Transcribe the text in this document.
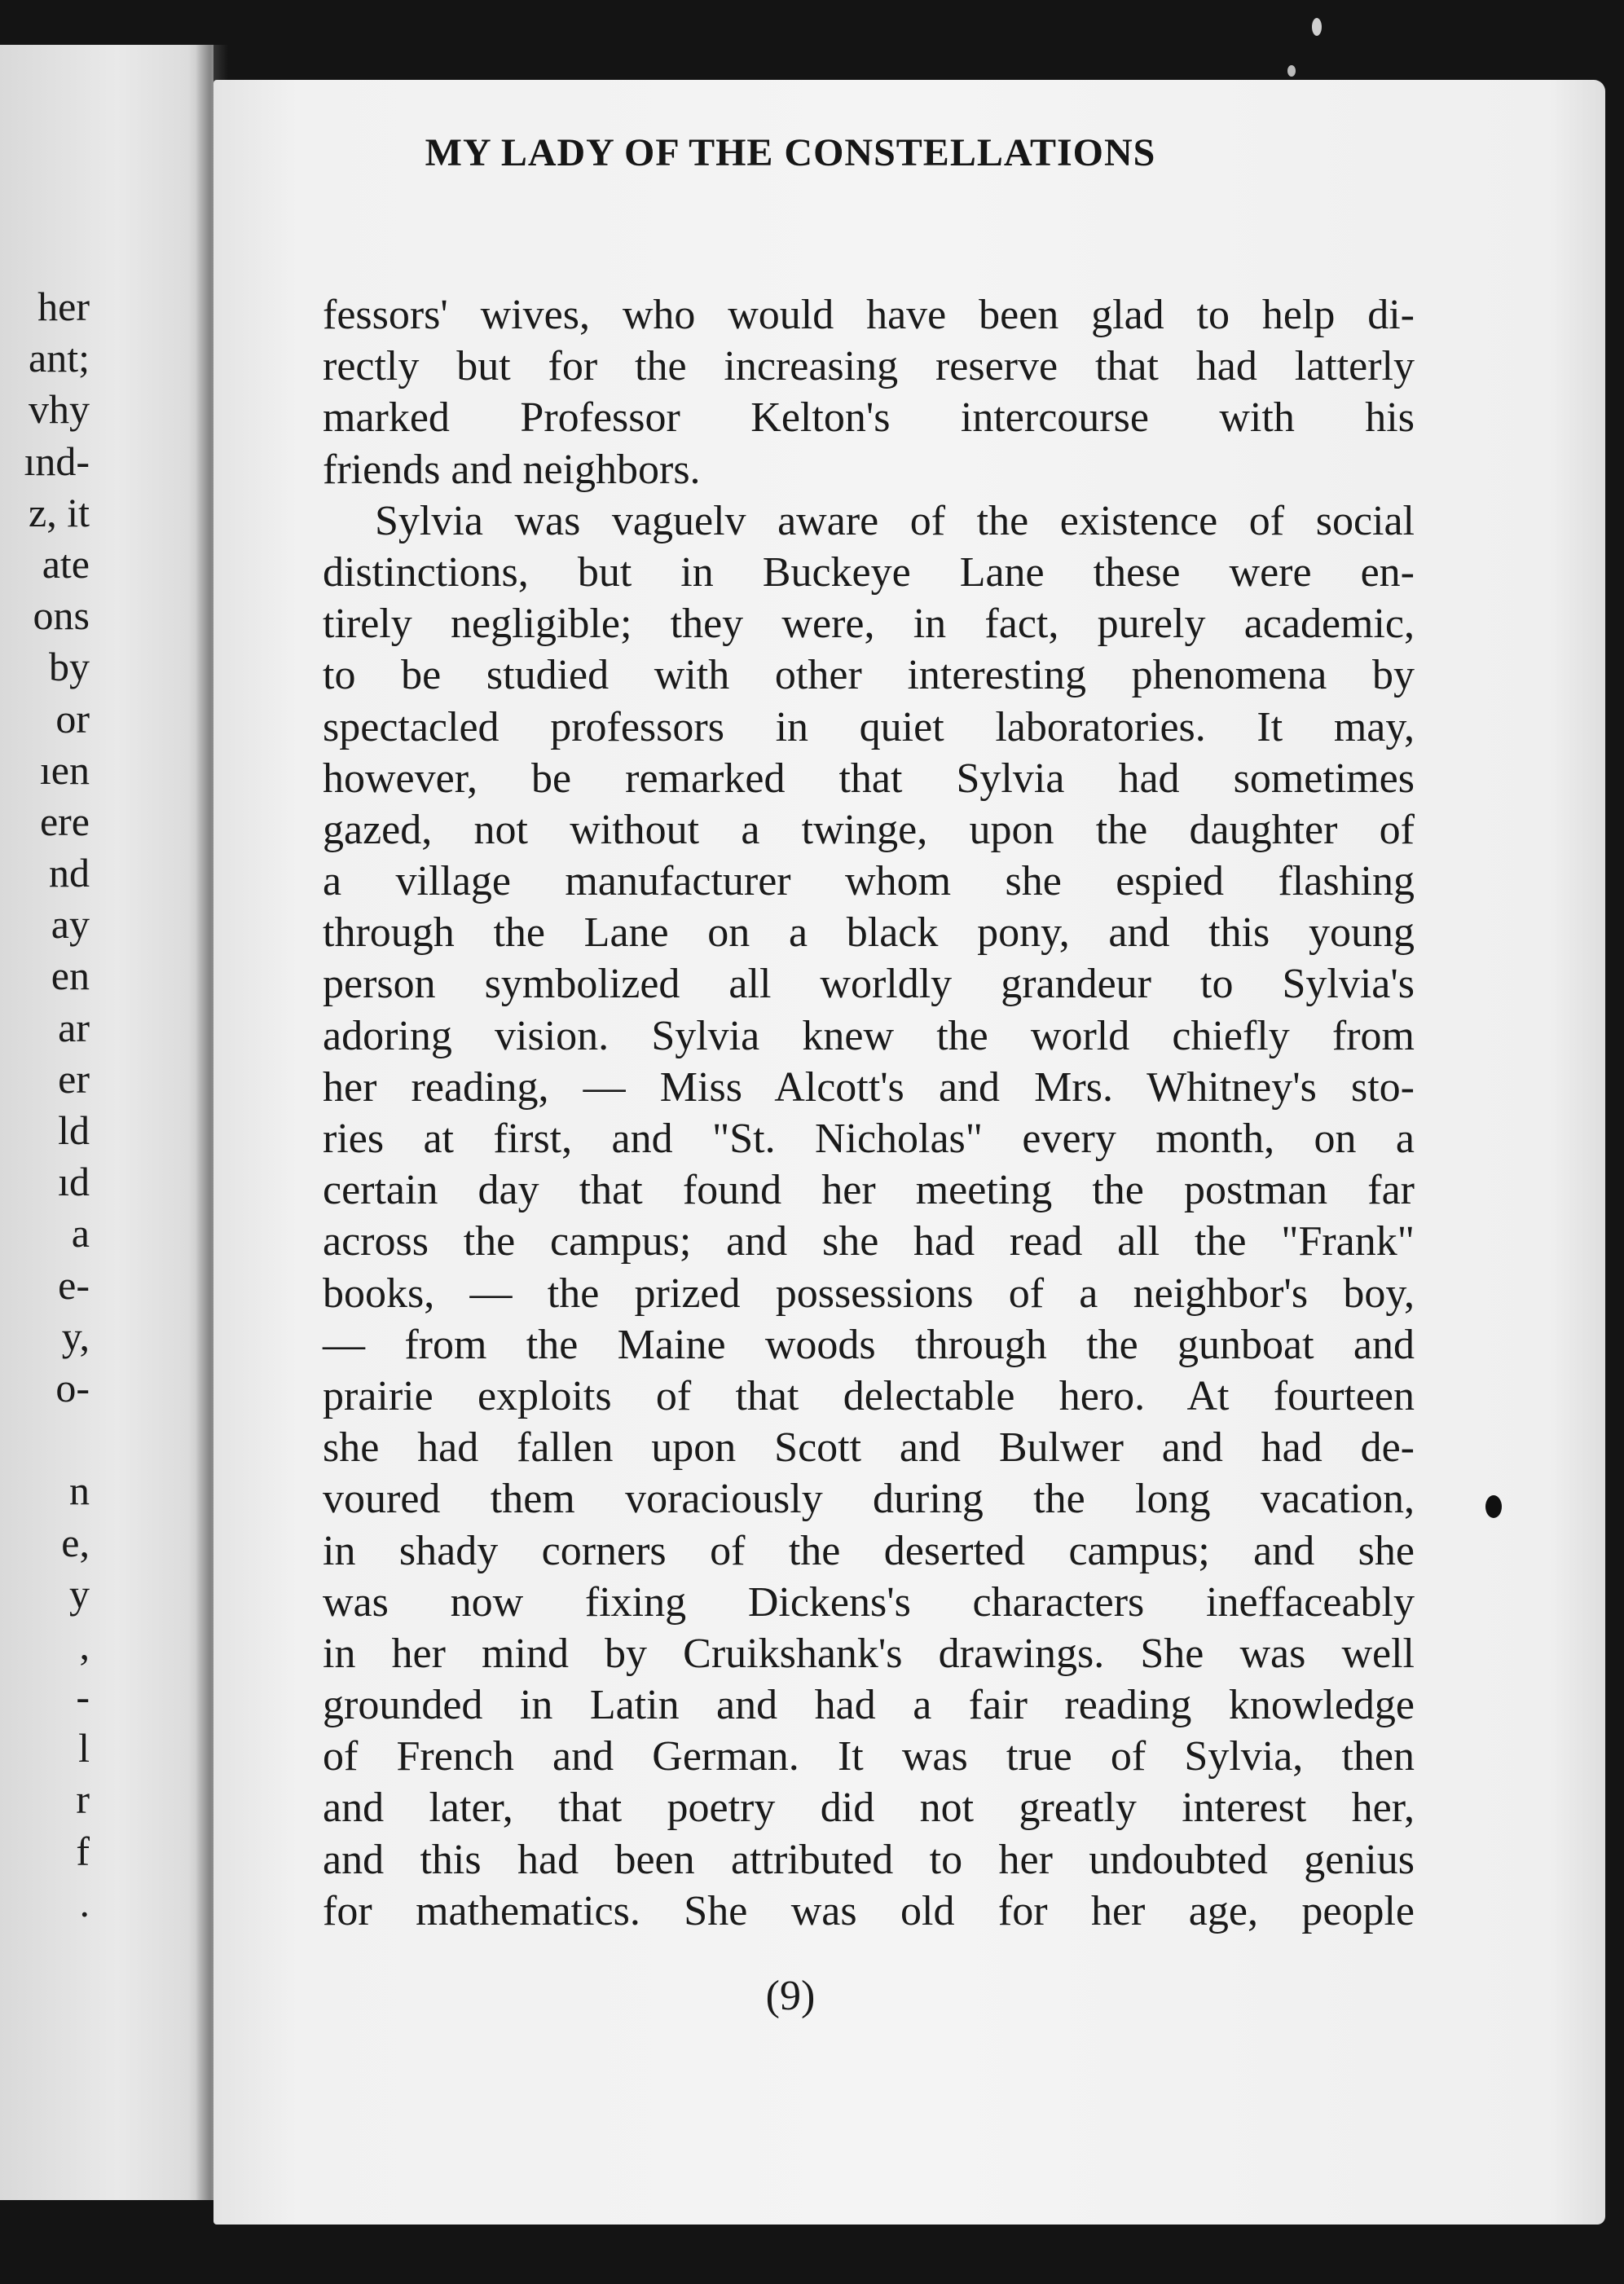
her
ant;
vhy
ınd-
z, it
ate
ons
by
or
ıen
ere
nd
ay
en
ar
er
ld
ıd
a
e-
y,
o-
n
e,
y
,
-
l
r
f
.
MY LADY OF THE CONSTELLATIONS
fessors' wives, who would have been glad to help di-
rectly but for the increasing reserve that had latterly
marked Professor Kelton's intercourse with his
friends and neighbors.
Sylvia was vaguelv aware of the existence of social
distinctions, but in Buckeye Lane these were en-
tirely negligible; they were, in fact, purely academic,
to be studied with other interesting phenomena by
spectacled professors in quiet laboratories. It may,
however, be remarked that Sylvia had sometimes
gazed, not without a twinge, upon the daughter of
a village manufacturer whom she espied flashing
through the Lane on a black pony, and this young
person symbolized all worldly grandeur to Sylvia's
adoring vision. Sylvia knew the world chiefly from
her reading, — Miss Alcott's and Mrs. Whitney's sto-
ries at first, and "St. Nicholas" every month, on a
certain day that found her meeting the postman far
across the campus; and she had read all the "Frank"
books, — the prized possessions of a neighbor's boy,
— from the Maine woods through the gunboat and
prairie exploits of that delectable hero. At fourteen
she had fallen upon Scott and Bulwer and had de-
voured them voraciously during the long vacation,
in shady corners of the deserted campus; and she
was now fixing Dickens's characters ineffaceably
in her mind by Cruikshank's drawings. She was well
grounded in Latin and had a fair reading knowledge
of French and German. It was true of Sylvia, then
and later, that poetry did not greatly interest her,
and this had been attributed to her undoubted genius
for mathematics. She was old for her age, people
(9)
